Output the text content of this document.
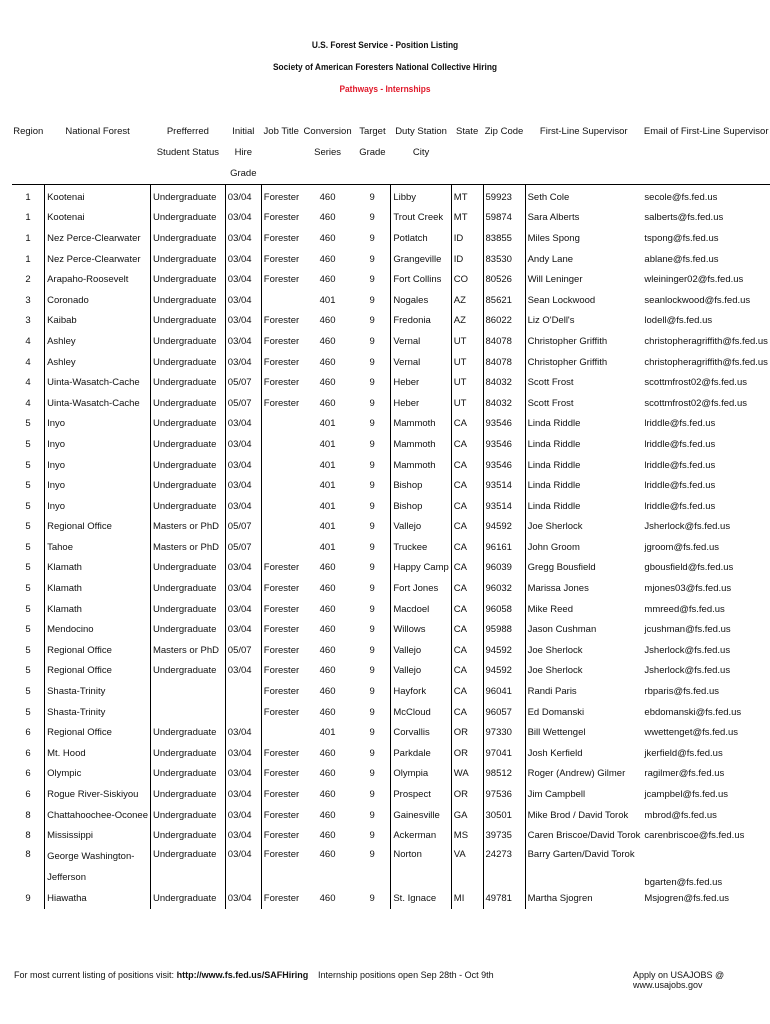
U.S. Forest Service - Position Listing
Society of American Foresters National Collective Hiring
Pathways - Internships
Region	National Forest	Prefferred Student Status	Initial Hire Grade	Job Title	Conversion Series	Target Grade	Duty Station City	State	Zip Code	First-Line Supervisor	Email of First-Line Supervisor
1	Kootenai	Undergraduate	03/04	Forester	460	9	Libby	MT	59923	Seth Cole	secole@fs.fed.us
1	Kootenai	Undergraduate	03/04	Forester	460	9	Trout Creek	MT	59874	Sara Alberts	salberts@fs.fed.us
1	Nez Perce-Clearwater	Undergraduate	03/04	Forester	460	9	Potlatch	ID	83855	Miles Spong	tspong@fs.fed.us
1	Nez Perce-Clearwater	Undergraduate	03/04	Forester	460	9	Grangeville	ID	83530	Andy Lane	ablane@fs.fed.us
2	Arapaho-Roosevelt	Undergraduate	03/04	Forester	460	9	Fort Collins	CO	80526	Will Leninger	wleininger02@fs.fed.us
3	Coronado	Undergraduate	03/04		401	9	Nogales	AZ	85621	Sean Lockwood	seanlockwood@fs.fed.us
3	Kaibab	Undergraduate	03/04	Forester	460	9	Fredonia	AZ	86022	Liz O'Dell's	lodell@fs.fed.us
4	Ashley	Undergraduate	03/04	Forester	460	9	Vernal	UT	84078	Christopher Griffith	christopheragriffith@fs.fed.us
4	Ashley	Undergraduate	03/04	Forester	460	9	Vernal	UT	84078	Christopher Griffith	christopheragriffith@fs.fed.us
4	Uinta-Wasatch-Cache	Undergraduate	05/07	Forester	460	9	Heber	UT	84032	Scott Frost	scottmfrost02@fs.fed.us
4	Uinta-Wasatch-Cache	Undergraduate	05/07	Forester	460	9	Heber	UT	84032	Scott Frost	scottmfrost02@fs.fed.us
5	Inyo	Undergraduate	03/04		401	9	Mammoth	CA	93546	Linda Riddle	lriddle@fs.fed.us
5	Inyo	Undergraduate	03/04		401	9	Mammoth	CA	93546	Linda Riddle	lriddle@fs.fed.us
5	Inyo	Undergraduate	03/04		401	9	Mammoth	CA	93546	Linda Riddle	lriddle@fs.fed.us
5	Inyo	Undergraduate	03/04		401	9	Bishop	CA	93514	Linda Riddle	lriddle@fs.fed.us
5	Inyo	Undergraduate	03/04		401	9	Bishop	CA	93514	Linda Riddle	lriddle@fs.fed.us
5	Regional Office	Masters or PhD	05/07		401	9	Vallejo	CA	94592	Joe Sherlock	Jsherlock@fs.fed.us
5	Tahoe	Masters or PhD	05/07		401	9	Truckee	CA	96161	John Groom	jgroom@fs.fed.us
5	Klamath	Undergraduate	03/04	Forester	460	9	Happy Camp	CA	96039	Gregg Bousfield	gbousfield@fs.fed.us
5	Klamath	Undergraduate	03/04	Forester	460	9	Fort Jones	CA	96032	Marissa Jones	mjones03@fs.fed.us
5	Klamath	Undergraduate	03/04	Forester	460	9	Macdoel	CA	96058	Mike Reed	mmreed@fs.fed.us
5	Mendocino	Undergraduate	03/04	Forester	460	9	Willows	CA	95988	Jason Cushman	jcushman@fs.fed.us
5	Regional Office	Masters or PhD	05/07	Forester	460	9	Vallejo	CA	94592	Joe Sherlock	Jsherlock@fs.fed.us
5	Regional Office	Undergraduate	03/04	Forester	460	9	Vallejo	CA	94592	Joe Sherlock	Jsherlock@fs.fed.us
5	Shasta-Trinity			Forester	460	9	Hayfork	CA	96041	Randi Paris	rbparis@fs.fed.us
5	Shasta-Trinity			Forester	460	9	McCloud	CA	96057	Ed Domanski	ebdomanski@fs.fed.us
6	Regional Office	Undergraduate	03/04		401	9	Corvallis	OR	97330	Bill Wettengel	wwettenget@fs.fed.us
6	Mt. Hood	Undergraduate	03/04	Forester	460	9	Parkdale	OR	97041	Josh Kerfield	jkerfield@fs.fed.us
6	Olympic	Undergraduate	03/04	Forester	460	9	Olympia	WA	98512	Roger (Andrew) Gilmer	ragilmer@fs.fed.us
6	Rogue River-Siskiyou	Undergraduate	03/04	Forester	460	9	Prospect	OR	97536	Jim Campbell	jcampbel@fs.fed.us
8	Chattahoochee-Oconee	Undergraduate	03/04	Forester	460	9	Gainesville	GA	30501	Mike Brod / David Torok	mbrod@fs.fed.us
8	Mississippi	Undergraduate	03/04	Forester	460	9	Ackerman	MS	39735	Caren Briscoe/David Torok	carenbriscoe@fs.fed.us
8	George Washington-Jefferson	Undergraduate	03/04	Forester	460	9	Norton	VA	24273	Barry Garten/David Torok	bgarten@fs.fed.us
9	Hiawatha	Undergraduate	03/04	Forester	460	9	St. Ignace	MI	49781	Martha Sjogren	Msjogren@fs.fed.us
For most current listing of positions visit: http://www.fs.fed.us/SAFHiring Internship positions open Sep 28th - Oct 9th	Apply on USAJOBS @ www.usajobs.gov
